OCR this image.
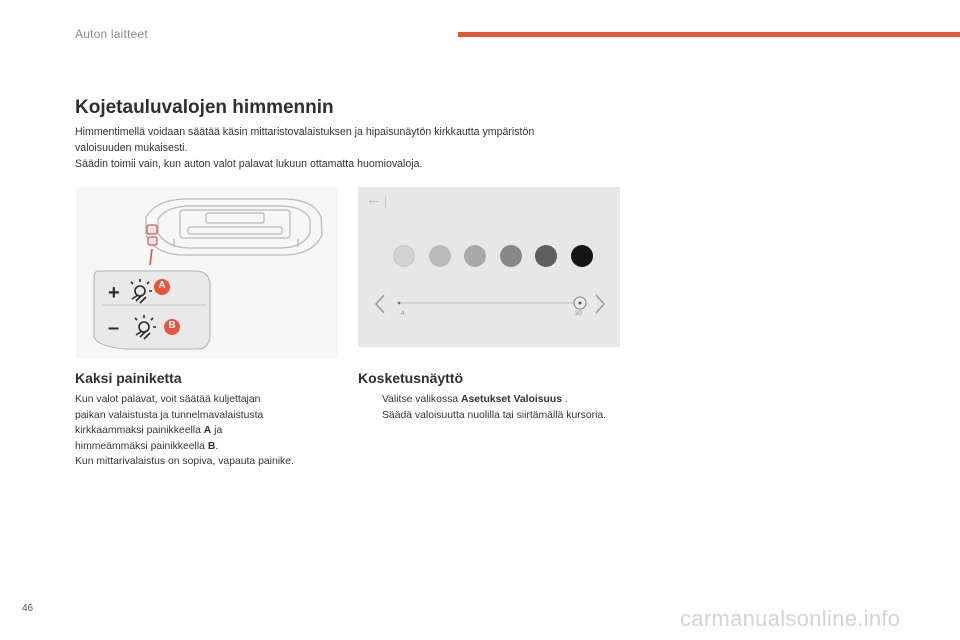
Auton laitteet
Kojetauluvalojen himmennin

Himmentimellä voidaan säätää käsin mittaristovalaistuksen ja hipaisunäytön kirkkautta ympäristön

valoisuuden mukaisesti.

Säädin toimii vain, kun auton valot palavat lukuun ottamatta huomiovaloja.

+
–
A
B
←
4	30
Kaksi painiketta

Kun valot palavat, voit säätää kuljettajan

paikan valaistusta ja tunnelmavalaistusta

kirkkaammaksi painikkeella A ja

himmeämmäksi painikkeella B.

Kun mittarivalaistus on sopiva, vapauta painike.

Kosketusnäyttö
Valitse valikossa Asetukset Valoisuus .
Säädä valoisuutta nuolilla tai siirtämällä kursoria.
46	carmanualsonline.info
